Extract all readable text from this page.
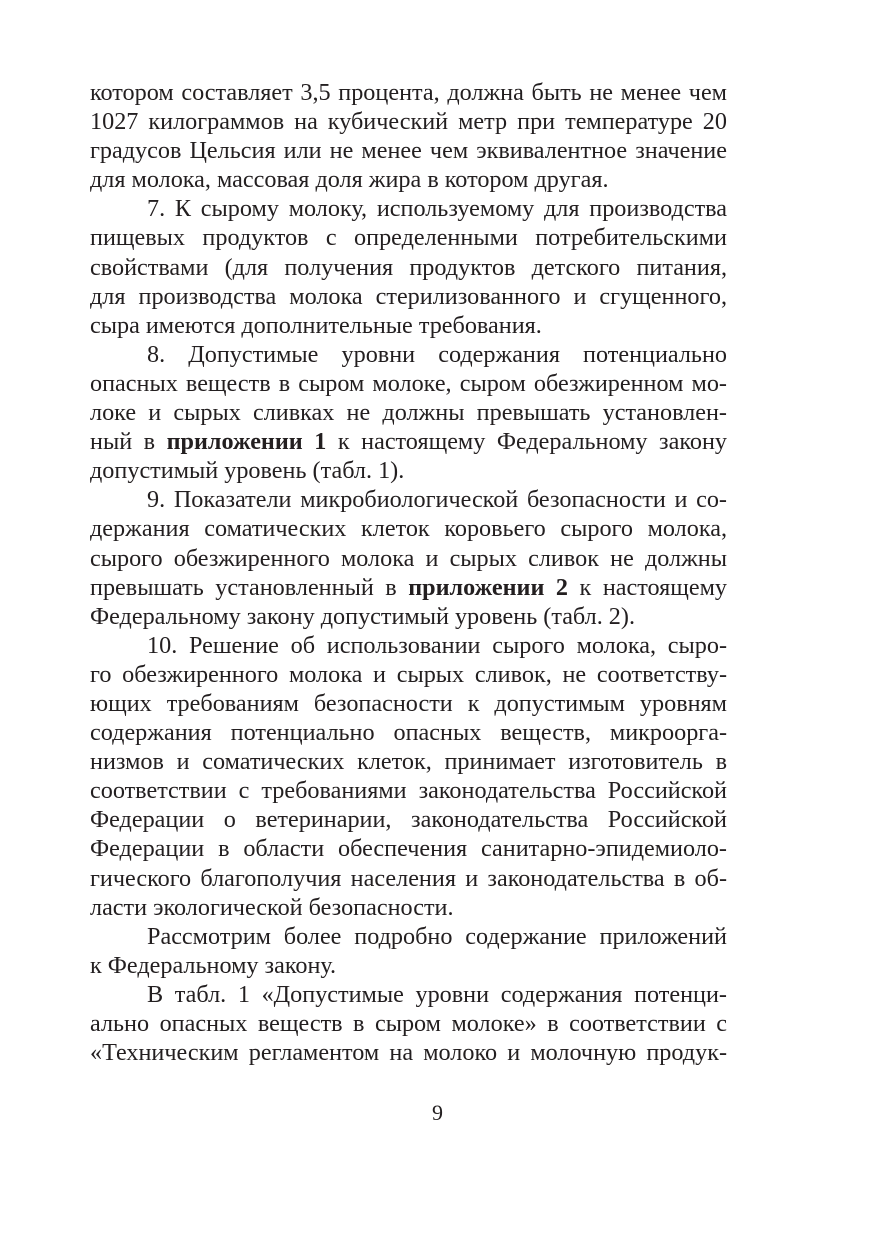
котором составляет 3,5 процента, должна быть не менее чем
1027 килограммов на кубический метр при температуре 20
градусов Цельсия или не менее чем эквивалентное значение
для молока, массовая доля жира в котором другая.
7. К сырому молоку, используемому для производства
пищевых продуктов с определенными потребительскими
свойствами (для получения продуктов детского питания,
для производства молока стерилизованного и сгущенного,
сыра имеются дополнительные требования.
8. Допустимые уровни содержания потенциально
опасных веществ в сыром молоке, сыром обезжиренном мо-
локе и сырых сливках не должны превышать установлен-
ный в приложении 1 к настоящему Федеральному закону
допустимый уровень (табл. 1).
9. Показатели микробиологической безопасности и со-
держания соматических клеток коровьего сырого молока,
сырого обезжиренного молока и сырых сливок не должны
превышать установленный в приложении 2 к настоящему
Федеральному закону допустимый уровень (табл. 2).
10. Решение об использовании сырого молока, сыро-
го обезжиренного молока и сырых сливок, не соответству-
ющих требованиям безопасности к допустимым уровням
содержания потенциально опасных веществ, микроорга-
низмов и соматических клеток, принимает изготовитель в
соответствии с требованиями законодательства Российской
Федерации о ветеринарии, законодательства Российской
Федерации в области обеспечения санитарно-эпидемиоло-
гического благополучия населения и законодательства в об-
ласти экологической безопасности.
Рассмотрим более подробно содержание приложений
к Федеральному закону.
В табл. 1 «Допустимые уровни содержания потенци-
ально опасных веществ в сыром молоке» в соответствии с
«Техническим регламентом на молоко и молочную продук-
9
